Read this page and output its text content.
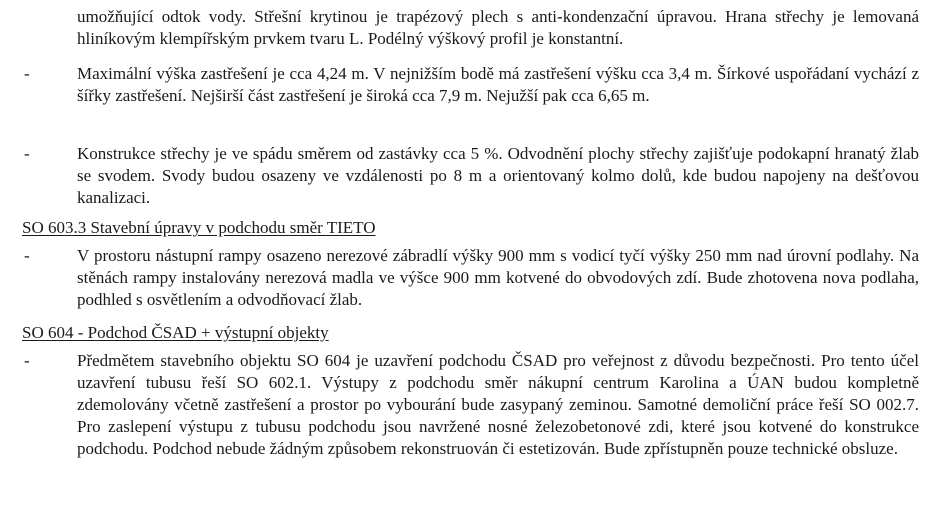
umožňující odtok vody. Střešní krytinou je trapézový plech s anti-kondenzační úpravou. Hrana střechy je lemovaná hliníkovým klempířským prvkem tvaru L. Podélný výškový profil je konstantní.

-	Maximální výška zastřešení je cca 4,24 m. V nejnižším bodě má zastřešení výšku cca 3,4 m. Šírkové uspořádaní vychází z šířky zastřešení. Nejširší část zastřešení je široká cca 7,9 m. Nejužší pak cca 6,65 m.

-	Konstrukce střechy je ve spádu směrem od zastávky cca 5 %. Odvodnění plochy střechy zajišťuje podokapní hranatý žlab se svodem. Svody budou osazeny ve vzdálenosti po 8 m a orientovaný kolmo dolů, kde budou napojeny na dešťovou kanalizaci.

SO 603.3 Stavební úpravy v podchodu směr TIETO

-	V prostoru nástupní rampy osazeno nerezové zábradlí výšky 900 mm s vodicí tyčí výšky 250 mm nad úrovní podlahy. Na stěnách rampy instalovány nerezová madla ve výšce 900 mm kotvené do obvodových zdí. Bude zhotovena nova podlaha, podhled s osvětlením a odvodňovací žlab.

SO 604 - Podchod ČSAD + výstupní objekty

-	Předmětem stavebního objektu SO 604 je uzavření podchodu ČSAD pro veřejnost z důvodu bezpečnosti. Pro tento účel uzavření tubusu řeší SO 602.1. Výstupy z podchodu směr nákupní centrum Karolina a ÚAN budou kompletně zdemolovány včetně zastřešení a prostor po vybourání bude zasypaný zeminou. Samotné demoliční práce řeší SO 002.7. Pro zaslepení výstupu z tubusu podchodu jsou navržené nosné železobetonové zdi, které jsou kotvené do konstrukce podchodu. Podchod nebude žádným způsobem rekonstruován či estetizován. Bude zpřístupněn pouze technické obsluze.
